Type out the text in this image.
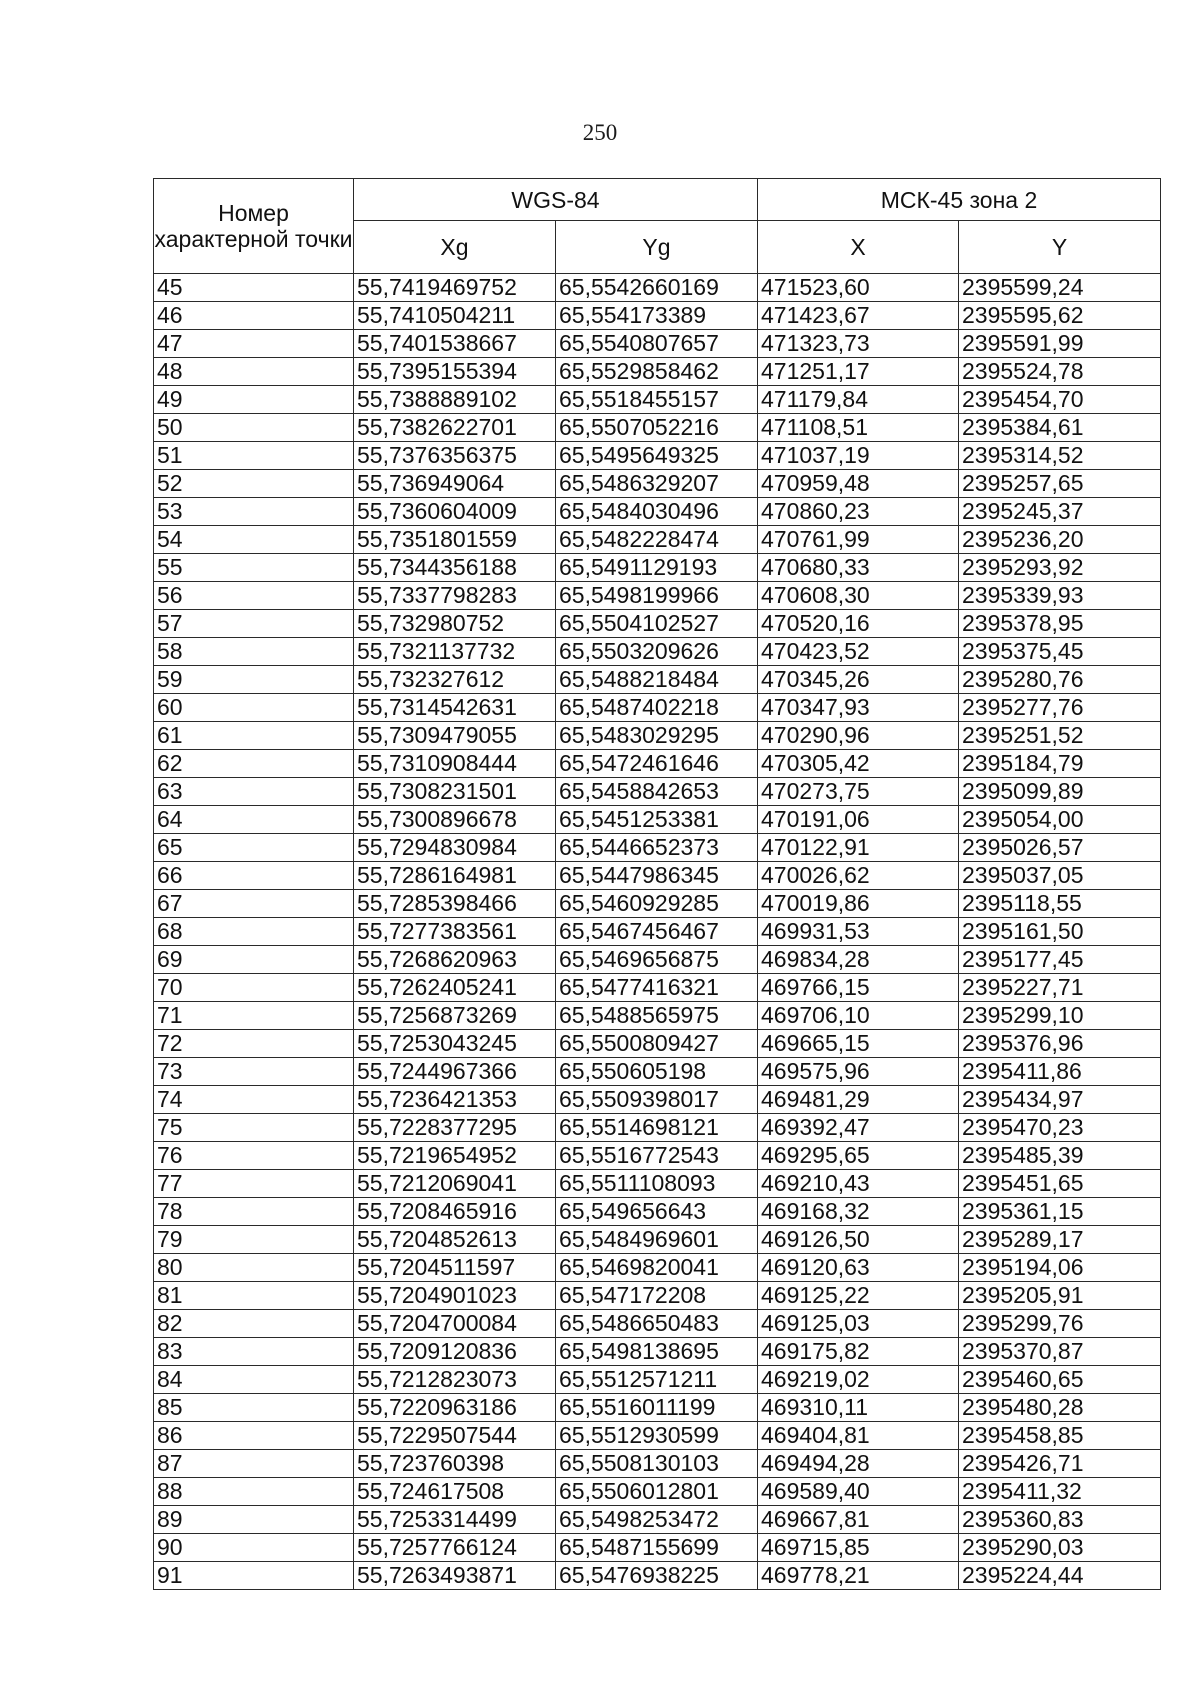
250
Номер характерной точки	WGS-84		МСК-45 зона 2	
	Xg	Yg	X	Y
45	55,7419469752	65,5542660169	471523,60	2395599,24
46	55,7410504211	65,554173389	471423,67	2395595,62
47	55,7401538667	65,5540807657	471323,73	2395591,99
48	55,7395155394	65,5529858462	471251,17	2395524,78
49	55,7388889102	65,5518455157	471179,84	2395454,70
50	55,7382622701	65,5507052216	471108,51	2395384,61
51	55,7376356375	65,5495649325	471037,19	2395314,52
52	55,736949064	65,5486329207	470959,48	2395257,65
53	55,7360604009	65,5484030496	470860,23	2395245,37
54	55,7351801559	65,5482228474	470761,99	2395236,20
55	55,7344356188	65,5491129193	470680,33	2395293,92
56	55,7337798283	65,5498199966	470608,30	2395339,93
57	55,732980752	65,5504102527	470520,16	2395378,95
58	55,7321137732	65,5503209626	470423,52	2395375,45
59	55,732327612	65,5488218484	470345,26	2395280,76
60	55,7314542631	65,5487402218	470347,93	2395277,76
61	55,7309479055	65,5483029295	470290,96	2395251,52
62	55,7310908444	65,5472461646	470305,42	2395184,79
63	55,7308231501	65,5458842653	470273,75	2395099,89
64	55,7300896678	65,5451253381	470191,06	2395054,00
65	55,7294830984	65,5446652373	470122,91	2395026,57
66	55,7286164981	65,5447986345	470026,62	2395037,05
67	55,7285398466	65,5460929285	470019,86	2395118,55
68	55,7277383561	65,5467456467	469931,53	2395161,50
69	55,7268620963	65,5469656875	469834,28	2395177,45
70	55,7262405241	65,5477416321	469766,15	2395227,71
71	55,7256873269	65,5488565975	469706,10	2395299,10
72	55,7253043245	65,5500809427	469665,15	2395376,96
73	55,7244967366	65,550605198	469575,96	2395411,86
74	55,7236421353	65,5509398017	469481,29	2395434,97
75	55,7228377295	65,5514698121	469392,47	2395470,23
76	55,7219654952	65,5516772543	469295,65	2395485,39
77	55,7212069041	65,5511108093	469210,43	2395451,65
78	55,7208465916	65,549656643	469168,32	2395361,15
79	55,7204852613	65,5484969601	469126,50	2395289,17
80	55,7204511597	65,5469820041	469120,63	2395194,06
81	55,7204901023	65,547172208	469125,22	2395205,91
82	55,7204700084	65,5486650483	469125,03	2395299,76
83	55,7209120836	65,5498138695	469175,82	2395370,87
84	55,7212823073	65,5512571211	469219,02	2395460,65
85	55,7220963186	65,5516011199	469310,11	2395480,28
86	55,7229507544	65,5512930599	469404,81	2395458,85
87	55,723760398	65,5508130103	469494,28	2395426,71
88	55,724617508	65,5506012801	469589,40	2395411,32
89	55,7253314499	65,5498253472	469667,81	2395360,83
90	55,7257766124	65,5487155699	469715,85	2395290,03
91	55,7263493871	65,5476938225	469778,21	2395224,44
